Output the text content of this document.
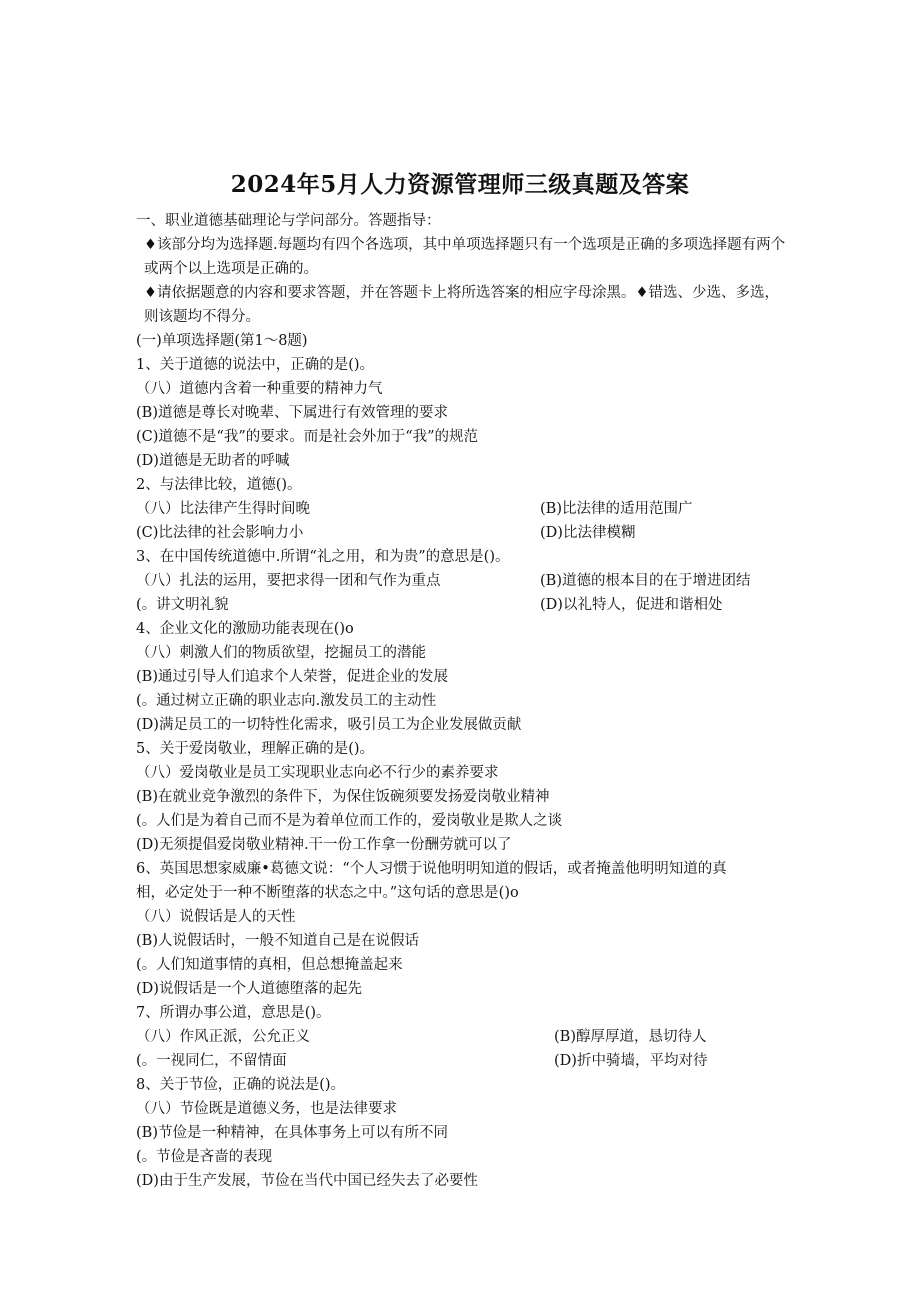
2024年5月人力资源管理师三级真题及答案
一、职业道德基础理论与学问部分。答题指导：
♦该部分均为选择题.每题均有四个各选项，其中单项选择题只有一个选项是正确的多项选择题有两个或两个以上选项是正确的。
♦请依据题意的内容和要求答题，并在答题卡上将所选答案的相应字母涂黑。♦错选、少选、多选，则该题均不得分。
(一)单项选择题(第1〜8题)
1、关于道德的说法中，正确的是()。
（八）道德内含着一种重要的精神力气
(B)道德是尊长对晚辈、下属进行有效管理的要求
(C)道德不是“我”的要求。而是社会外加于“我”的规范
(D)道德是无助者的呼喊
2、与法律比较，道德()。
（八）比法律产生得时间晚	(B)比法律的适用范围广
(C)比法律的社会影响力小	(D)比法律模糊
3、在中国传统道德中.所谓“礼之用，和为贵”的意思是()。
（八）扎法的运用，要把求得一团和气作为重点	(B)道德的根本目的在于增进团结
(。讲文明礼貌	(D)以礼特人，促进和谐相处
4、企业文化的激励功能表现在()o
（八）刺激人们的物质欲望，挖掘员工的潜能
(B)通过引导人们追求个人荣誉，促进企业的发展
(。通过树立正确的职业志向.激发员工的主动性
(D)满足员工的一切特性化需求，吸引员工为企业发展做贡献
5、关于爱岗敬业，理解正确的是()。
（八）爱岗敬业是员工实现职业志向必不行少的素养要求
(B)在就业竞争激烈的条件下，为保住饭碗须要发扬爱岗敬业精神
(。人们是为着自己而不是为着单位而工作的，爱岗敬业是欺人之谈
(D)无须提倡爱岗敬业精神.干一份工作拿一份酬劳就可以了
6、英国思想家威廉•葛德文说：“个人习惯于说他明明知道的假话，或者掩盖他明明知道的真
相，必定处于一种不断堕落的状态之中。”这句话的意思是()o
（八）说假话是人的天性
(B)人说假话时，一般不知道自己是在说假话
(。人们知道事情的真相，但总想掩盖起来
(D)说假话是一个人道德堕落的起先
7、所谓办事公道，意思是()。
（八）作风正派，公允正义	(B)醇厚厚道，恳切待人
(。一视同仁，不留情面	(D)折中骑墙，平均对待
8、关于节俭，正确的说法是()。
（八）节俭既是道德义务，也是法律要求
(B)节俭是一种精神，在具体事务上可以有所不同
(。节俭是吝啬的表现
(D)由于生产发展，节俭在当代中国已经失去了必要性
